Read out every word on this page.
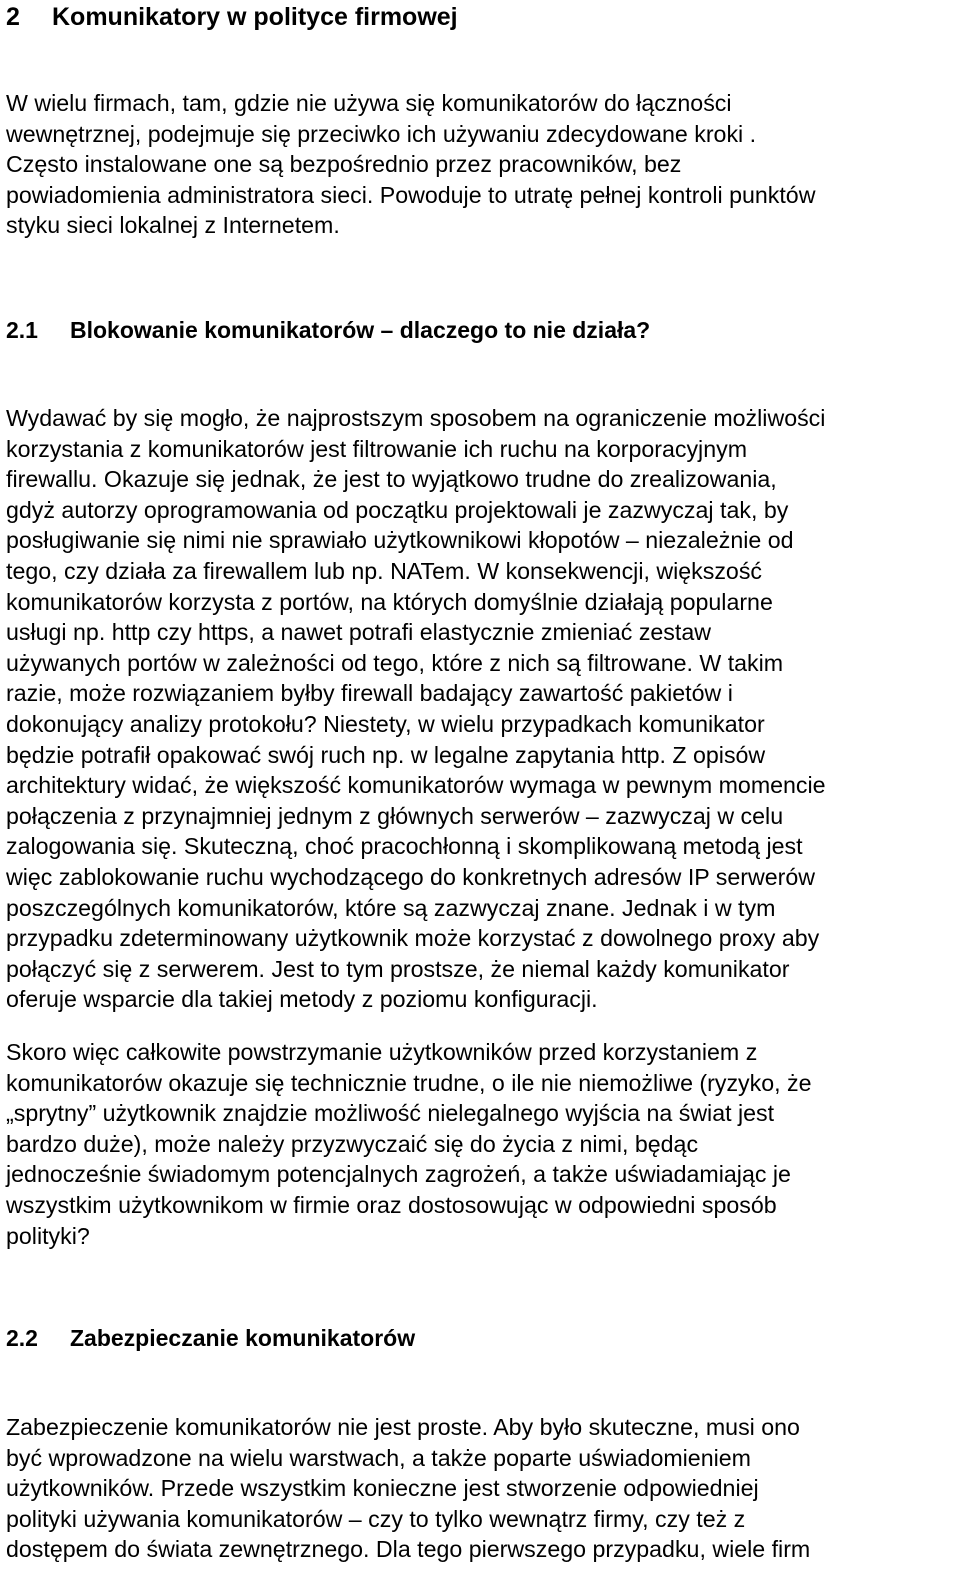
2 Komunikatory w polityce firmowej

W wielu firmach, tam, gdzie nie używa się komunikatorów do łączności
wewnętrznej, podejmuje się przeciwko ich używaniu zdecydowane kroki .
Często instalowane one są bezpośrednio przez pracowników, bez
powiadomienia administratora sieci. Powoduje to utratę pełnej kontroli punktów
styku sieci lokalnej z Internetem.

2.1 Blokowanie komunikatorów – dlaczego to nie działa?

Wydawać by się mogło, że najprostszym sposobem na ograniczenie możliwości
korzystania z komunikatorów jest filtrowanie ich ruchu na korporacyjnym
firewallu. Okazuje się jednak, że jest to wyjątkowo trudne do zrealizowania,
gdyż autorzy oprogramowania od początku projektowali je zazwyczaj tak, by
posługiwanie się nimi nie sprawiało użytkownikowi kłopotów – niezależnie od
tego, czy działa za firewallem lub np. NATem. W konsekwencji, większość
komunikatorów korzysta z portów, na których domyślnie działają popularne
usługi np. http czy https, a nawet potrafi elastycznie zmieniać zestaw
używanych portów w zależności od tego, które z nich są filtrowane. W takim
razie, może rozwiązaniem byłby firewall badający zawartość pakietów i
dokonujący analizy protokołu? Niestety, w wielu przypadkach komunikator
będzie potrafił opakować swój ruch np. w legalne zapytania http. Z opisów
architektury widać, że większość komunikatorów wymaga w pewnym momencie
połączenia z przynajmniej jednym z głównych serwerów – zazwyczaj w celu
zalogowania się. Skuteczną, choć pracochłonną i skomplikowaną metodą jest
więc zablokowanie ruchu wychodzącego do konkretnych adresów IP serwerów
poszczególnych komunikatorów, które są zazwyczaj znane. Jednak i w tym
przypadku zdeterminowany użytkownik może korzystać z dowolnego proxy aby
połączyć się z serwerem. Jest to tym prostsze, że niemal każdy komunikator
oferuje wsparcie dla takiej metody z poziomu konfiguracji.

Skoro więc całkowite powstrzymanie użytkowników przed korzystaniem z
komunikatorów okazuje się technicznie trudne, o ile nie niemożliwe (ryzyko, że
„sprytny” użytkownik znajdzie możliwość nielegalnego wyjścia na świat jest
bardzo duże), może należy przyzwyczaić się do życia z nimi, będąc
jednocześnie świadomym potencjalnych zagrożeń, a także uświadamiając je
wszystkim użytkownikom w firmie oraz dostosowując w odpowiedni sposób
polityki?

2.2 Zabezpieczanie komunikatorów

Zabezpieczenie komunikatorów nie jest proste. Aby było skuteczne, musi ono
być wprowadzone na wielu warstwach, a także poparte uświadomieniem
użytkowników. Przede wszystkim konieczne jest stworzenie odpowiedniej
polityki używania komunikatorów – czy to tylko wewnątrz firmy, czy też z
dostępem do świata zewnętrznego. Dla tego pierwszego przypadku, wiele firm
